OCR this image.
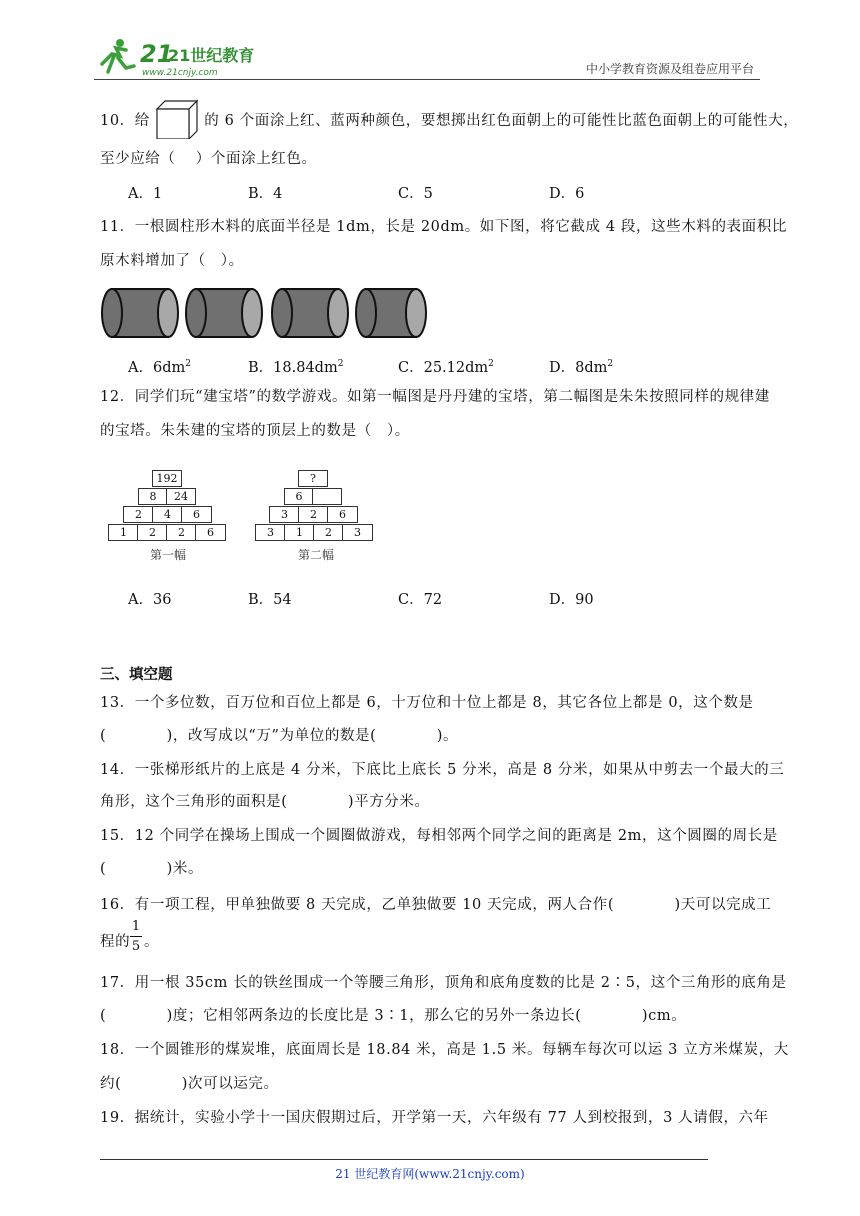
21
21世纪教育
www.21cnjy.com	中小学教育资源及组卷应用平台
10．给	的 6 个面涂上红、蓝两种颜色，要想掷出红色面朝上的可能性比蓝色面朝上的可能性大，
至少应给（　 ）个面涂上红色。
A．1	B．4	C．5	D．6
11．一根圆柱形木料的底面半径是 1dm，长是 20dm。如下图，将它截成 4 段，这些木料的表面积比
原木料增加了（　）。
A．$6dm^2$	B．$18.84dm^2$	C．$25.12dm^2$	D．$8dm^2$
12．同学们玩“建宝塔”的数学游戏。如第一幅图是丹丹建的宝塔，第二幅图是朱朱按照同样的规律建
的宝塔。朱朱建的宝塔的顶层上的数是（　）。
192
8	24
2	4	6
1	2	2	6
第一幅
?
6
3	2	6
3	1	2	3
第二幅
A．36	B．54	C．72	D．90
三、填空题
13．一个多位数，百万位和百位上都是 6，十万位和十位上都是 8，其它各位上都是 0，这个数是
(　　　　)，改写成以“万”为单位的数是(　　　　)。
14．一张梯形纸片的上底是 4 分米，下底比上底长 5 分米，高是 8 分米，如果从中剪去一个最大的三
角形，这个三角形的面积是(　　　　)平方分米。
15．12 个同学在操场上围成一个圆圈做游戏，每相邻两个同学之间的距离是 2m，这个圆圈的周长是
(　　　　)米。
16．有一项工程，甲单独做要 8 天完成，乙单独做要 10 天完成，两人合作(　　　　)天可以完成工
程的
1
5 。
17．用一根 35cm 长的铁丝围成一个等腰三角形，顶角和底角度数的比是 2∶5，这个三角形的底角是
(　　　　)度；它相邻两条边的长度比是 3∶1，那么它的另外一条边长(　　　　)cm。
18．一个圆锥形的煤炭堆，底面周长是 18.84 米，高是 1.5 米。每辆车每次可以运 3 立方米煤炭，大
约(　　　　)次可以运完。
19．据统计，实验小学十一国庆假期过后，开学第一天，六年级有 77 人到校报到，3 人请假，六年
21 世纪教育网(www.21cnjy.com)
